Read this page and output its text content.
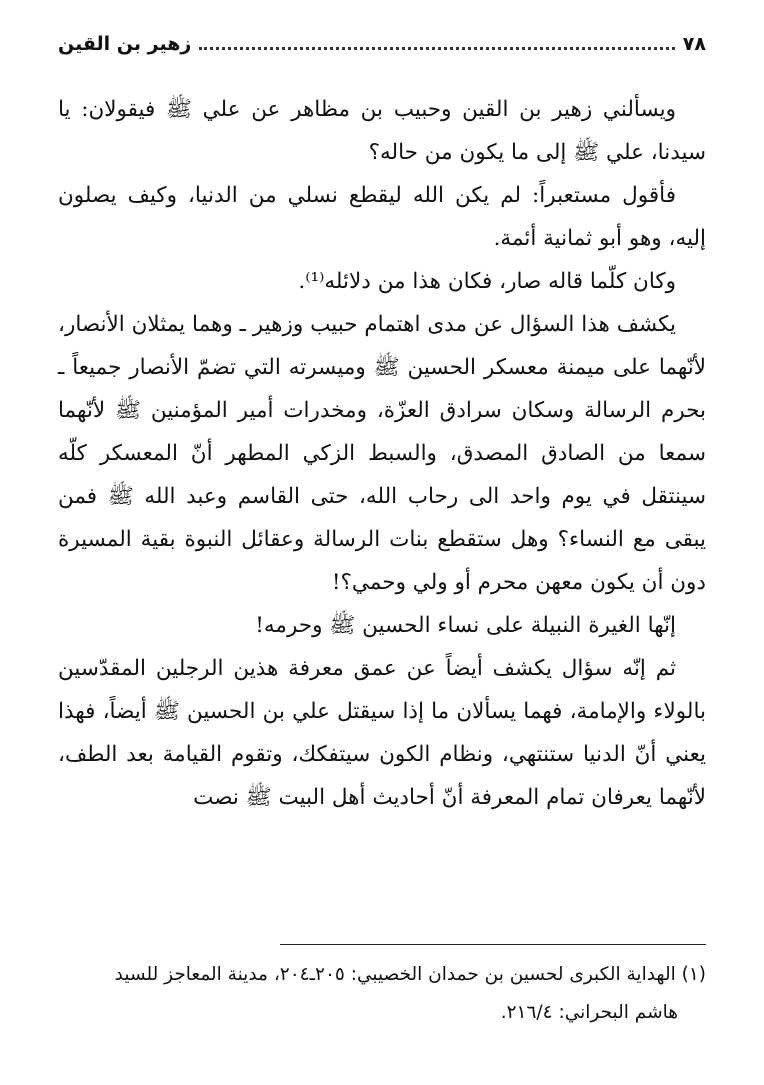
٧٨
زهير بن القين

ويسألني زهير بن القين وحبيب بن مظاهر عن علي ﷺ فيقولان: يا سيدنا، علي ﷺ إلى ما يكون من حاله؟

فأقول مستعبراً: لم يكن الله ليقطع نسلي من الدنيا، وكيف يصلون إليه، وهو أبو ثمانية أئمة.

وكان كلّما قاله صار، فكان هذا من دلائله⁽¹⁾.

يكشف هذا السؤال عن مدى اهتمام حبيب وزهير ـ وهما يمثلان الأنصار، لأنّهما على ميمنة معسكر الحسين ﷺ وميسرته التي تضمّ الأنصار جميعاً ـ بحرم الرسالة وسكان سرادق العزّة، ومخدرات أمير المؤمنين ﷺ لأنّهما سمعا من الصادق المصدق، والسبط الزكي المطهر أنّ المعسكر كلّه سينتقل في يوم واحد الى رحاب الله، حتى القاسم وعبد الله ﷺ فمن يبقى مع النساء؟ وهل ستقطع بنات الرسالة وعقائل النبوة بقية المسيرة دون أن يكون معهن محرم أو ولي وحمي؟!

إنّها الغيرة النبيلة على نساء الحسين ﷺ وحرمه!

ثم إنّه سؤال يكشف أيضاً عن عمق معرفة هذين الرجلين المقدّسين بالولاء والإمامة، فهما يسألان ما إذا سيقتل علي بن الحسين ﷺ أيضاً، فهذا يعني أنّ الدنيا ستنتهي، ونظام الكون سيتفكك، وتقوم القيامة بعد الطف، لأنّهما يعرفان تمام المعرفة أنّ أحاديث أهل البيت ﷺ نصت

(١) الهداية الكبرى لحسين بن حمدان الخصيبي: ٢٠٥ـ٢٠٤، مدينة المعاجز للسيد

هاشم البحراني: ٢١٦/٤.
